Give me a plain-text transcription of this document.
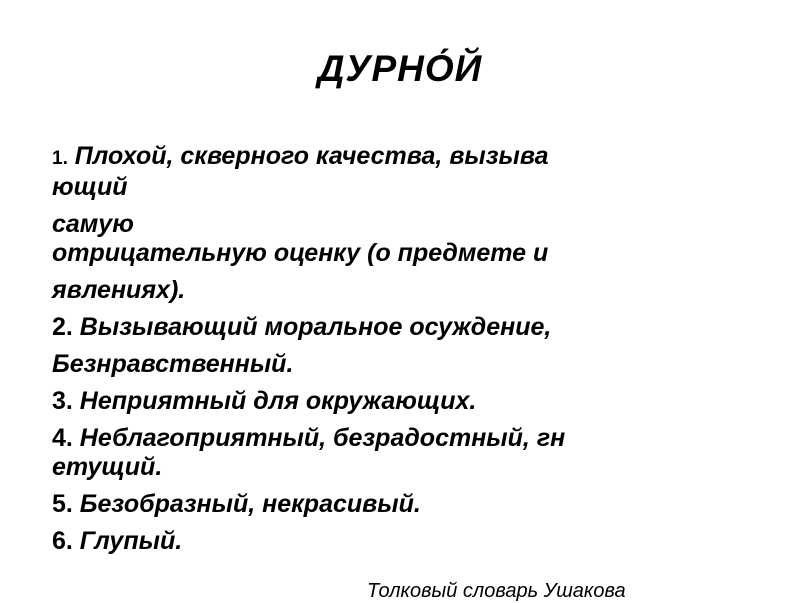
ДУРНО́Й
1. Плохой, скверного качества, вызыва
ющий
самую
отрицательную оценку (о предмете и
явлениях).
2. Вызывающий моральное осуждение,
Безнравственный.
3. Неприятный для окружающих.
4. Неблагоприятный, безрадостный, гн
етущий.
5. Безобразный, некрасивый.
6. Глупый.
Толковый словарь Ушакова
